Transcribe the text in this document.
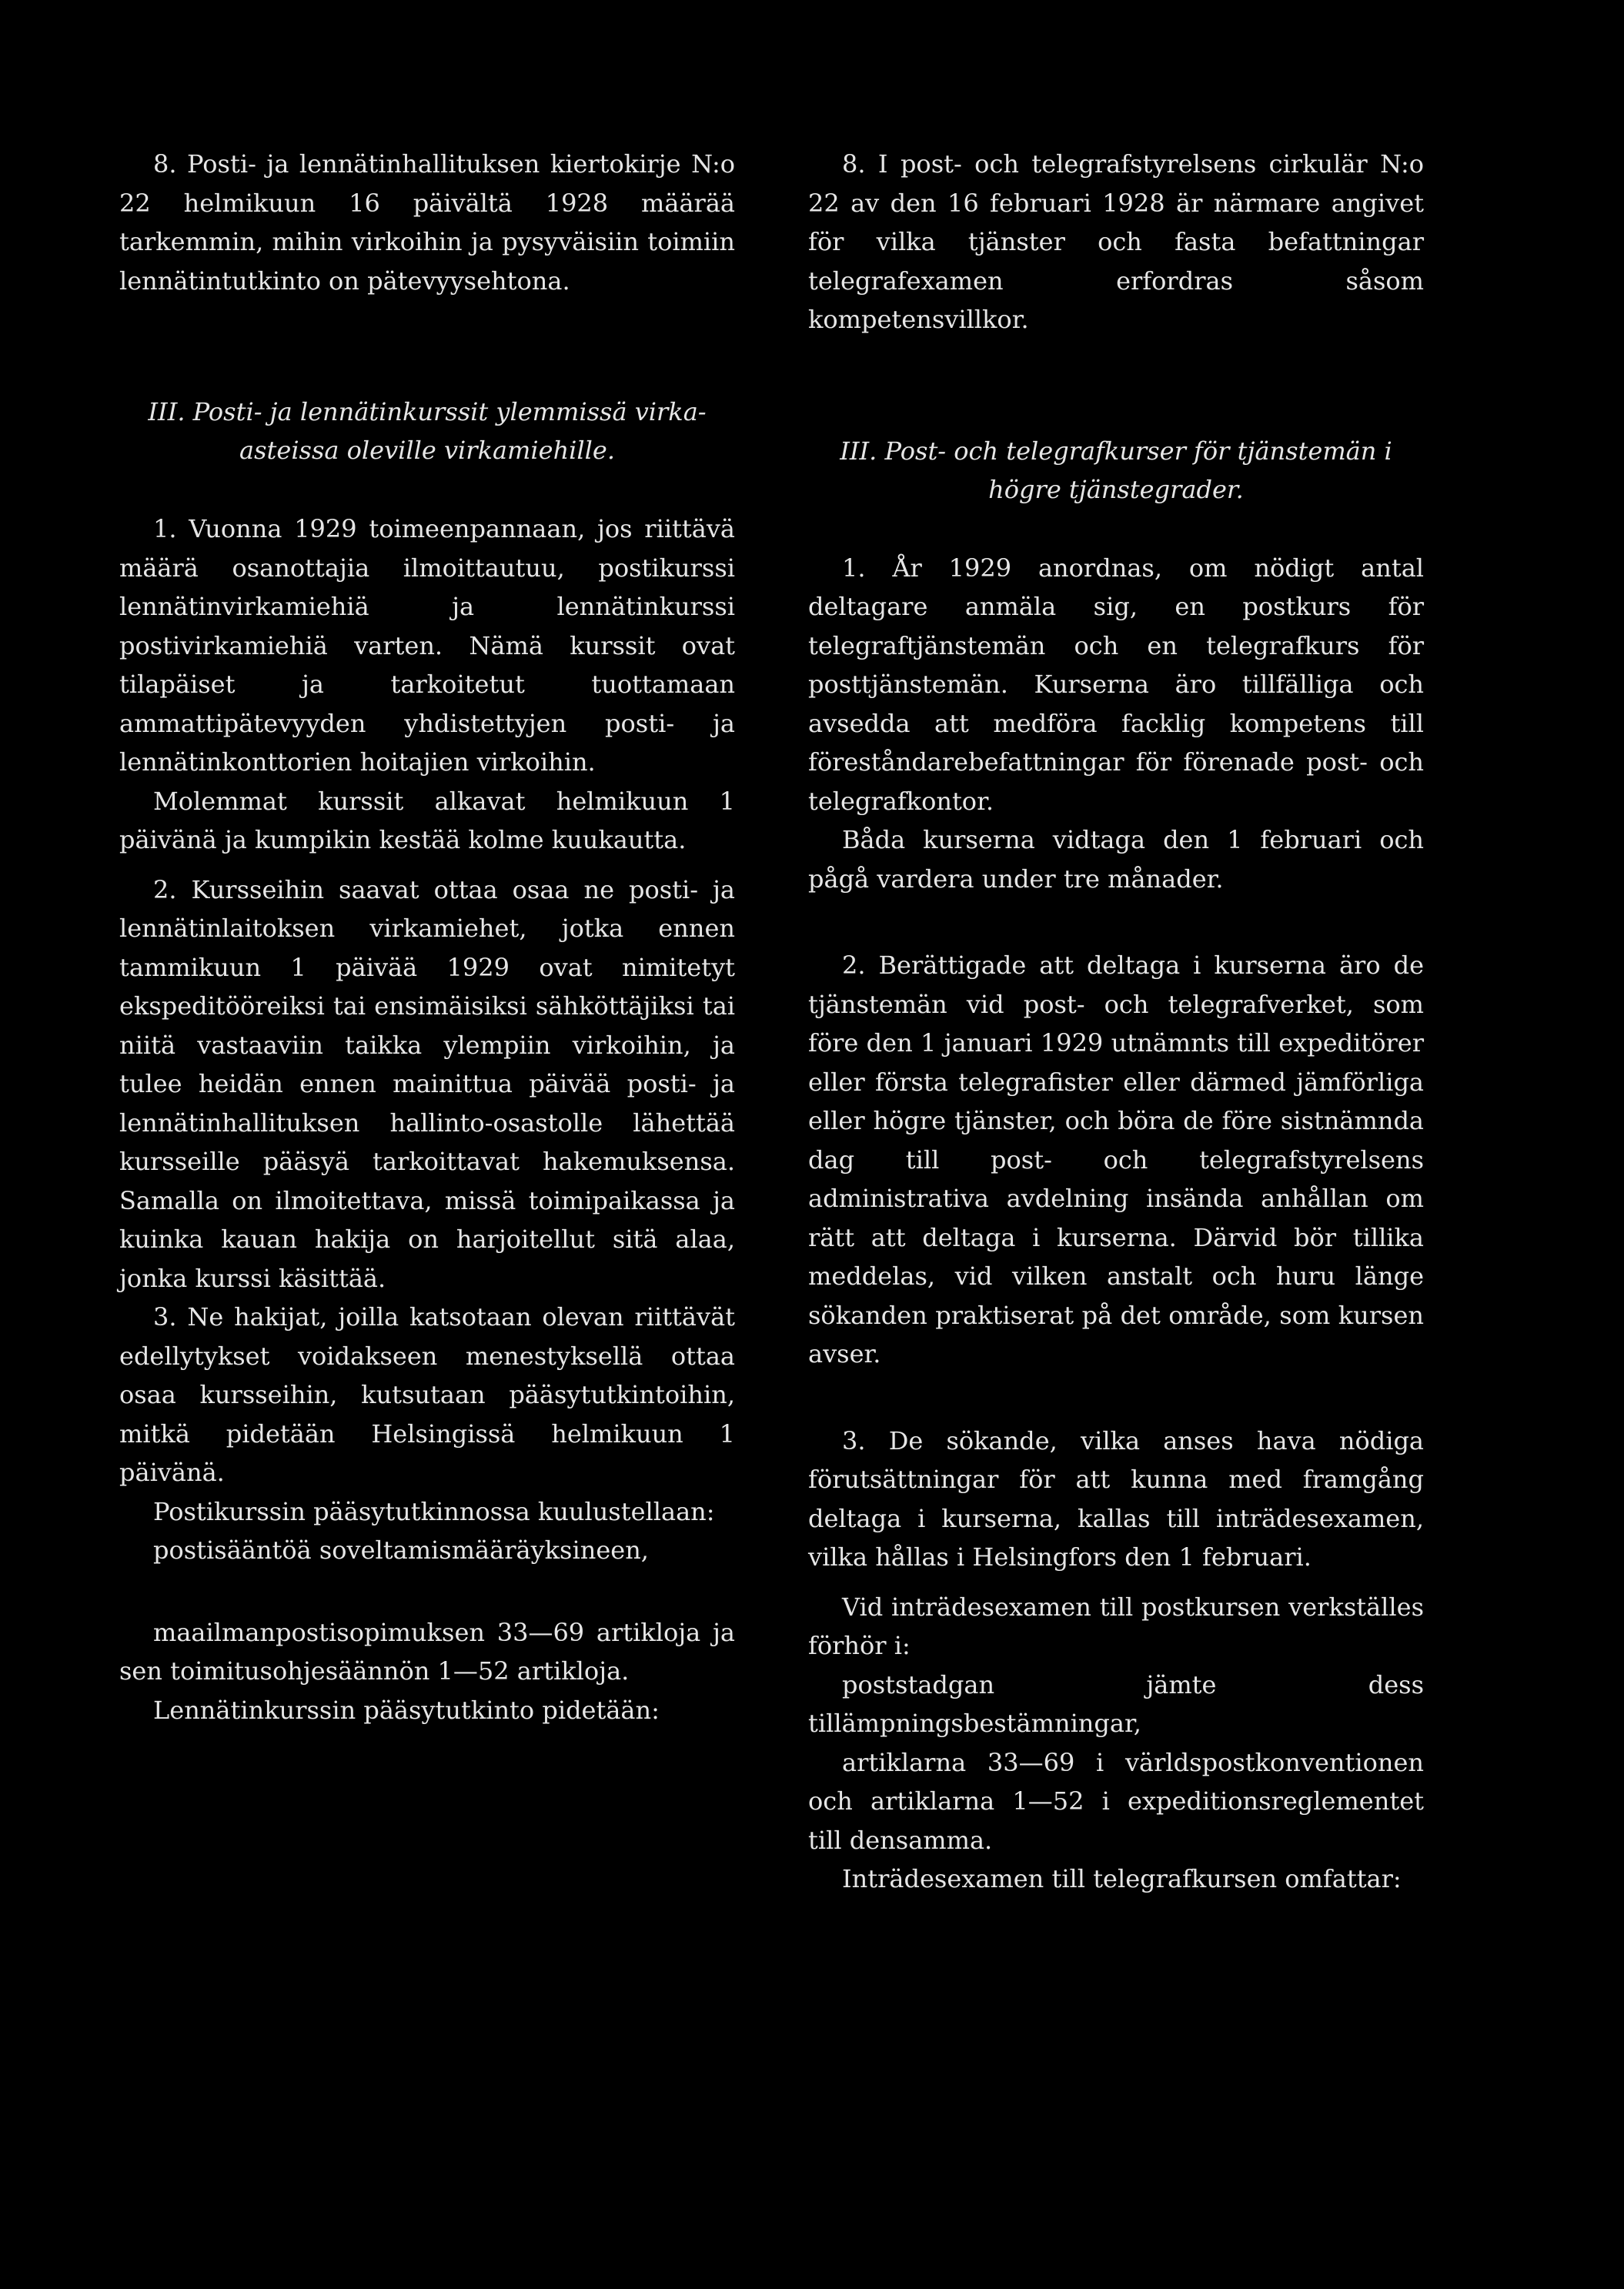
8. Posti- ja lennätinhallituksen kiertokirje N:o 22 helmikuun 16 päivältä 1928 määrää tarkemmin, mihin virkoihin ja pysyväisiin toimiin lennätintutkinto on pätevyysehtona.

III. Posti- ja lennätinkurssit ylemmissä virka-asteissa oleville virkamiehille.

1. Vuonna 1929 toimeenpannaan, jos riittävä määrä osanottajia ilmoittautuu, postikurssi lennätinvirkamiehiä ja lennätinkurssi postivirkamiehiä varten. Nämä kurssit ovat tilapäiset ja tarkoitetut tuottamaan ammattipätevyyden yhdistettyjen posti- ja lennätinkonttorien hoitajien virkoihin.

Molemmat kurssit alkavat helmikuun 1 päivänä ja kumpikin kestää kolme kuukautta.

2. Kursseihin saavat ottaa osaa ne posti- ja lennätinlaitoksen virkamiehet, jotka ennen tammikuun 1 päivää 1929 ovat nimitetyt ekspeditööreiksi tai ensimäisiksi sähköttäjiksi tai niitä vastaaviin taikka ylempiin virkoihin, ja tulee heidän ennen mainittua päivää posti- ja lennätinhallituksen hallinto-osastolle lähettää kursseille pääsyä tarkoittavat hakemuksensa. Samalla on ilmoitettava, missä toimipaikassa ja kuinka kauan hakija on harjoitellut sitä alaa, jonka kurssi käsittää.

3. Ne hakijat, joilla katsotaan olevan riittävät edellytykset voidakseen menestyksellä ottaa osaa kursseihin, kutsutaan pääsytutkintoihin, mitkä pidetään Helsingissä helmikuun 1 päivänä.

Postikurssin pääsytutkinnossa kuulustellaan:

postisääntöä soveltamismääräyksineen,

maailmanpostisopimuksen 33—69 artikloja ja sen toimitusohjesäännön 1—52 artikloja.

Lennätinkurssin pääsytutkinto pidetään:

8. I post- och telegrafstyrelsens cirkulär N:o 22 av den 16 februari 1928 är närmare angivet för vilka tjänster och fasta befattningar telegrafexamen erfordras såsom kompetensvillkor.

III. Post- och telegrafkurser för tjänstemän i högre tjänstegrader.

1. År 1929 anordnas, om nödigt antal deltagare anmäla sig, en postkurs för telegraftjänstemän och en telegrafkurs för posttjänstemän. Kurserna äro tillfälliga och avsedda att medföra facklig kompetens till föreståndarebefattningar för förenade post- och telegrafkontor.

Båda kurserna vidtaga den 1 februari och pågå vardera under tre månader.

2. Berättigade att deltaga i kurserna äro de tjänstemän vid post- och telegrafverket, som före den 1 januari 1929 utnämnts till expeditörer eller första telegrafister eller därmed jämförliga eller högre tjänster, och böra de före sistnämnda dag till post- och telegrafstyrelsens administrativa avdelning insända anhållan om rätt att deltaga i kurserna. Därvid bör tillika meddelas, vid vilken anstalt och huru länge sökanden praktiserat på det område, som kursen avser.

3. De sökande, vilka anses hava nödiga förutsättningar för att kunna med framgång deltaga i kurserna, kallas till inträdesexamen, vilka hållas i Helsingfors den 1 februari.

Vid inträdesexamen till postkursen verkställes förhör i:

poststadgan jämte dess tillämpningsbestämningar,

artiklarna 33—69 i världspostkonventionen och artiklarna 1—52 i expeditionsreglementet till densamma.

Inträdesexamen till telegrafkursen omfattar:
